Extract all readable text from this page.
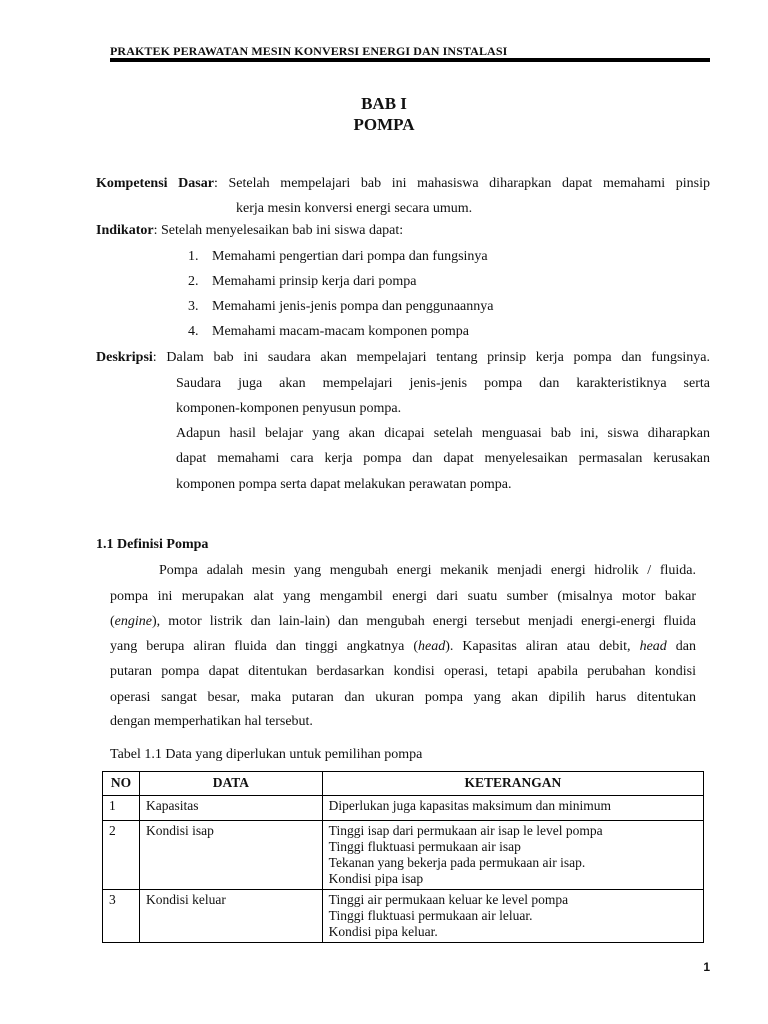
PRAKTEK PERAWATAN MESIN KONVERSI ENERGI DAN INSTALASI
BAB I
POMPA
Kompetensi Dasar: Setelah mempelajari bab ini mahasiswa diharapkan dapat memahami pinsip
kerja mesin konversi energi secara umum.
Indikator: Setelah menyelesaikan bab ini siswa dapat:
1. Memahami pengertian dari pompa dan fungsinya
2. Memahami prinsip kerja dari pompa
3. Memahami jenis-jenis pompa dan penggunaannya
4. Memahami macam-macam komponen pompa
Deskripsi: Dalam bab ini saudara akan mempelajari tentang prinsip kerja pompa dan fungsinya.
Saudara juga akan mempelajari jenis-jenis pompa dan karakteristiknya serta
komponen-komponen penyusun pompa.
Adapun hasil belajar yang akan dicapai setelah menguasai bab ini, siswa diharapkan
dapat memahami cara kerja pompa dan dapat menyelesaikan permasalan kerusakan
komponen pompa serta dapat melakukan perawatan pompa.
1.1 Definisi Pompa
Pompa adalah mesin yang mengubah energi mekanik menjadi energi hidrolik / fluida.
pompa ini merupakan alat yang mengambil energi dari suatu sumber (misalnya motor bakar
(engine), motor listrik dan lain-lain) dan mengubah energi tersebut menjadi energi-energi fluida
yang berupa aliran fluida dan tinggi angkatnya (head). Kapasitas aliran atau debit, head dan
putaran pompa dapat ditentukan berdasarkan kondisi operasi, tetapi apabila perubahan kondisi
operasi sangat besar, maka putaran dan ukuran pompa yang akan dipilih harus ditentukan
dengan memperhatikan hal tersebut.
Tabel 1.1 Data yang diperlukan untuk pemilihan pompa
NO	DATA	KETERANGAN
1	Kapasitas	Diperlukan juga kapasitas maksimum dan minimum

2	Kondisi isap	Tinggi isap dari permukaan air isap le level pompa
Tinggi fluktuasi permukaan air isap
Tekanan yang bekerja pada permukaan air isap.
Kondisi pipa isap

3	Kondisi keluar	Tinggi air permukaan keluar ke level pompa
Tinggi fluktuasi permukaan air leluar.
Kondisi pipa keluar.
1
